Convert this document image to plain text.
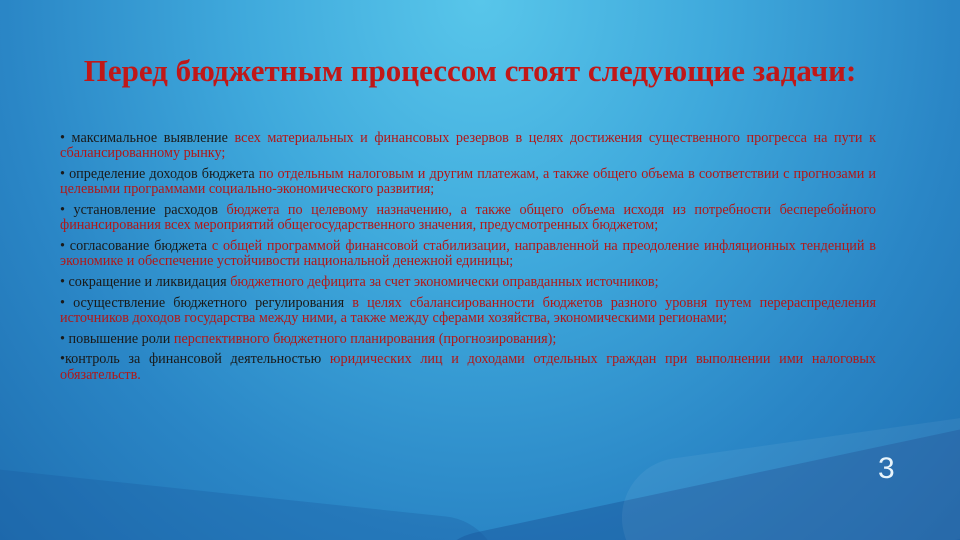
Перед бюджетным процессом стоят следующие задачи:

• максимальное выявление всех материальных и финансовых резервов в целях достижения существенного прогресса на пути к сбалансированному рынку;

• определение доходов бюджета по отдельным налоговым и другим платежам, а также общего объема в соответствии с прогнозами и целевыми программами социально-экономического развития;

• установление расходов бюджета по целевому назначению, а также общего объема исходя из потребности бесперебойного финансирования всех мероприятий общегосударственного значения, предусмотренных бюджетом;

• согласование бюджета с общей программой финансовой стабилизации, направленной на преодоление инфляционных тенденций в экономике и обеспечение устойчивости национальной денежной единицы;

• сокращение и ликвидация бюджетного дефицита за счет экономически оправданных источников;

• осуществление бюджетного регулирования в целях сбалансированности бюджетов разного уровня путем перераспределения источников доходов государства между ними, а также между сферами хозяйства, экономическими регионами;

• повышение роли перспективного бюджетного планирования (прогнозирования);

•контроль за финансовой деятельностью юридических лиц и доходами отдельных граждан при выполнении ими налоговых обязательств.

3
